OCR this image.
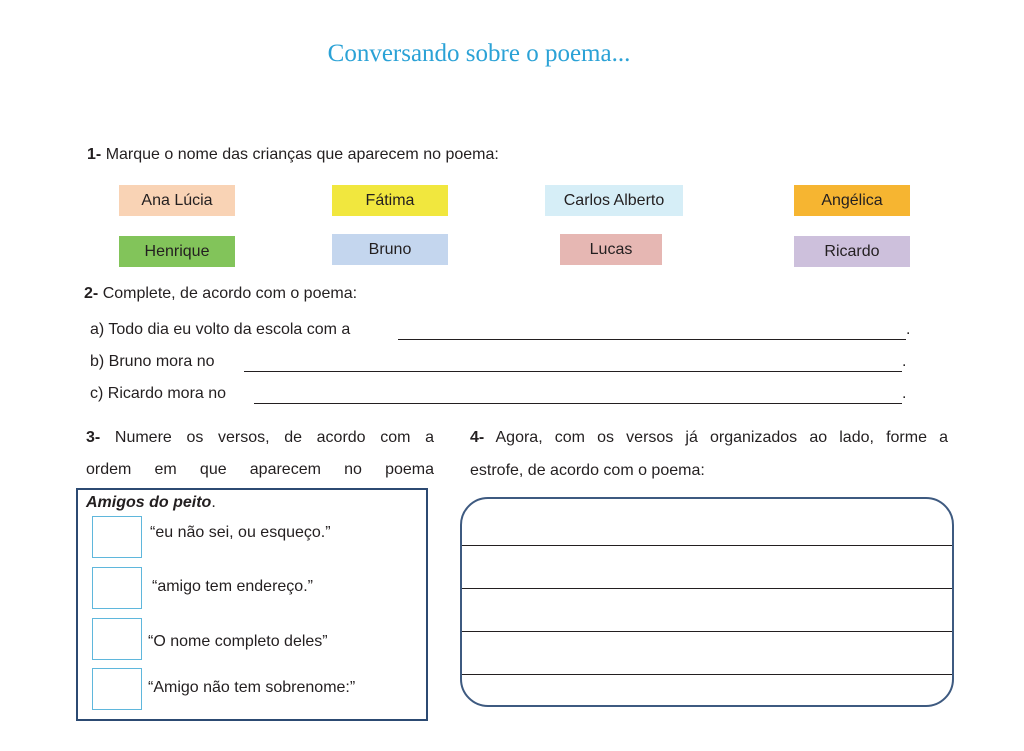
Conversando sobre o poema...
1- Marque o nome das crianças que aparecem no poema:
Ana Lúcia	Fátima	Carlos Alberto	Angélica
Henrique	Bruno	Lucas	Ricardo
2- Complete, de acordo com o poema:
a) Todo dia eu volto da escola com a	.
b) Bruno mora no	.
c) Ricardo mora no	.
3- Numere os versos, de acordo com a
ordem em que aparecem no poema
Amigos do peito.
“eu não sei, ou esqueço.”
“amigo tem endereço.”
“O nome completo deles”
“Amigo não tem sobrenome:”
4- Agora, com os versos já organizados ao lado, forme a
estrofe, de acordo com o poema:
